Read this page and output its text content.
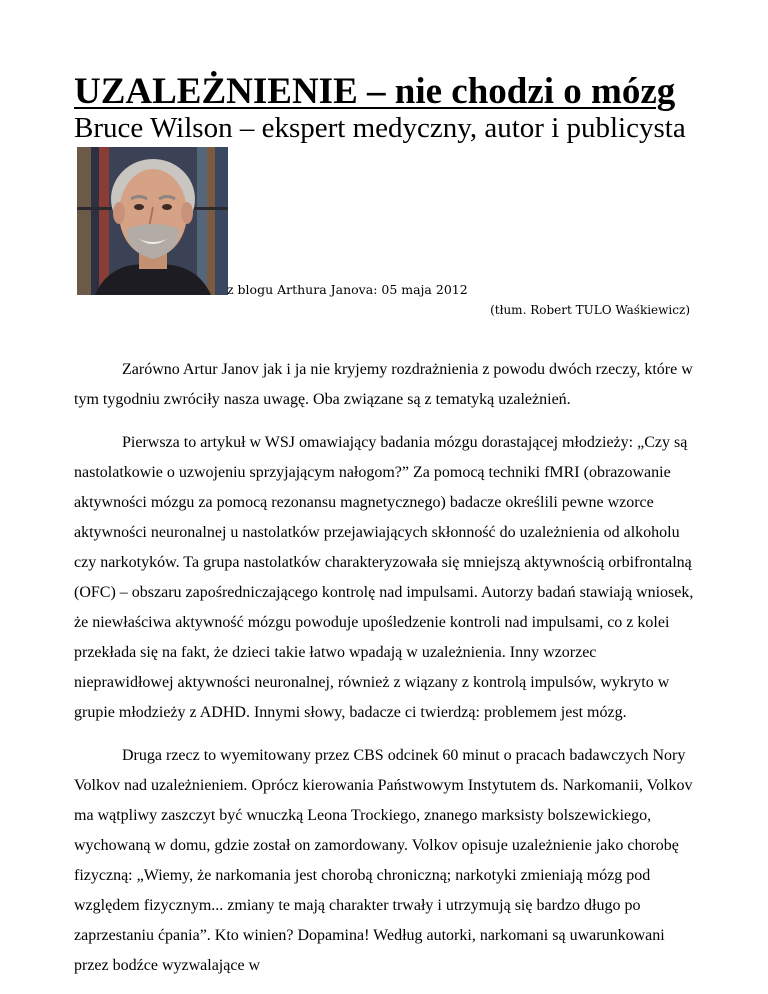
UZALEŻNIENIE – nie chodzi o mózg
Bruce Wilson – ekspert medyczny, autor i publicysta
z blogu Arthura Janova: 05 maja 2012
(tłum. Robert TULO Waśkiewicz)

Zarówno Artur Janov jak i ja nie kryjemy rozdrażnienia z powodu dwóch rzeczy, które w tym tygodniu zwróciły nasza uwagę. Oba związane są z tematyką uzależnień.

Pierwsza to artykuł w WSJ omawiający badania mózgu dorastającej młodzieży: „Czy są nastolatkowie o uzwojeniu sprzyjającym nałogom?” Za pomocą techniki fMRI (obrazowanie aktywności mózgu za pomocą rezonansu magnetycznego) badacze określili pewne wzorce aktywności neuronalnej u nastolatków przejawiających skłonność do uzależnienia od alkoholu czy narkotyków. Ta grupa nastolatków charakteryzowała się mniejszą aktywnością orbifrontalną (OFC) – obszaru zapośredniczającego kontrolę nad impulsami. Autorzy badań stawiają wniosek, że niewłaściwa aktywność mózgu powoduje upośledzenie kontroli nad impulsami, co z kolei przekłada się na fakt, że dzieci takie łatwo wpadają w uzależnienia. Inny wzorzec nieprawidłowej aktywności neuronalnej, również z wiązany z kontrolą impulsów, wykryto w grupie młodzieży z ADHD. Innymi słowy, badacze ci twierdzą: problemem jest mózg.

Druga rzecz to wyemitowany przez CBS odcinek 60 minut o pracach badawczych Nory Volkov nad uzależnieniem. Oprócz kierowania Państwowym Instytutem ds. Narkomanii, Volkov ma wątpliwy zaszczyt być wnuczką Leona Trockiego, znanego marksisty bolszewickiego, wychowaną w domu, gdzie został on zamordowany. Volkov opisuje uzależnienie jako chorobę fizyczną: „Wiemy, że narkomania jest chorobą chroniczną; narkotyki zmieniają mózg pod względem fizycznym... zmiany te mają charakter trwały i utrzymują się bardzo długo po zaprzestaniu ćpania”. Kto winien? Dopamina! Według autorki, narkomani są uwarunkowani przez bodźce wyzwalające w
